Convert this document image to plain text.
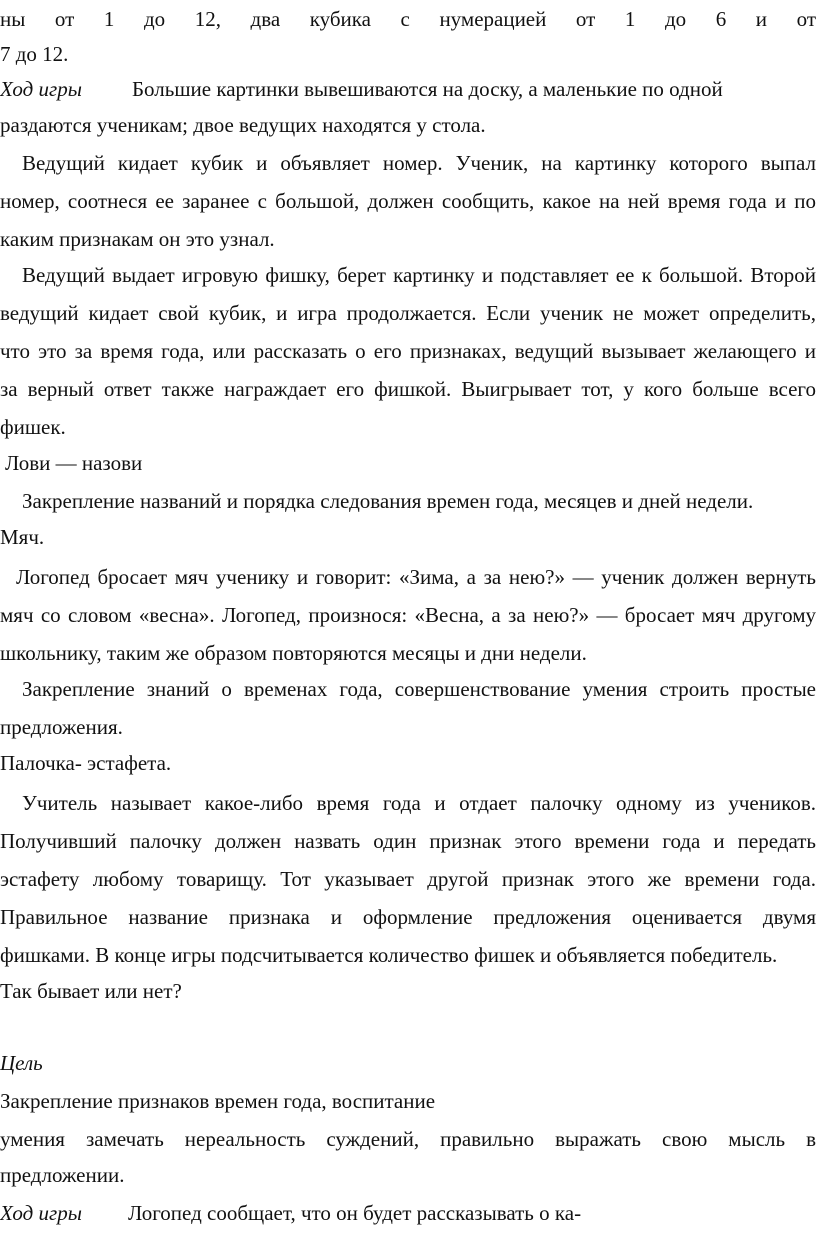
ны от 1 до 12, два кубика с нумерацией от 1 до 6 и от
7 до 12.
Ход игры Большие картинки вывешиваются на доску, а маленькие по одной
раздаются ученикам; двое ведущих находятся у стола.
Ведущий кидает кубик и объявляет номер. Ученик, на картинку которого выпал
номер, соотнеся ее заранее с большой, должен сообщить, какое на ней время года и по
каким признакам он это узнал.
Ведущий выдает игровую фишку, берет картинку и подставляет ее к большой. Второй
ведущий кидает свой кубик, и игра продолжается. Если ученик не может определить,
что это за время года, или рассказать о его признаках, ведущий вызывает желающего и
за верный ответ также награждает его фишкой. Выигрывает тот, у кого больше всего
фишек.
Лови — назови
Закрепление названий и порядка следования времен года, месяцев и дней недели.
Мяч.
Логопед бросает мяч ученику и говорит: «Зима, а за нею?» — ученик должен вернуть
мяч со словом «весна». Логопед, произнося: «Весна, а за нею?» — бросает мяч другому
школьнику, таким же образом повторяются месяцы и дни недели.
Закрепление знаний о временах года, совершенствование умения строить простые
предложения.
Палочка- эстафета.
Учитель называет какое-либо время года и отдает палочку одному из учеников.
Получивший палочку должен назвать один признак этого времени года и передать
эстафету любому товарищу. Тот указывает другой признак этого же времени года.
Правильное название признака и оформление предложения оценивается двумя
фишками. В конце игры подсчитывается количество фишек и объявляется победитель.
Так бывает или нет?
Цель
Закрепление признаков времен года, воспитание
умения замечать нереальность суждений, правильно выражать свою мысль в
предложении.
Ход игры Логопед сообщает, что он будет рассказывать о ка-
